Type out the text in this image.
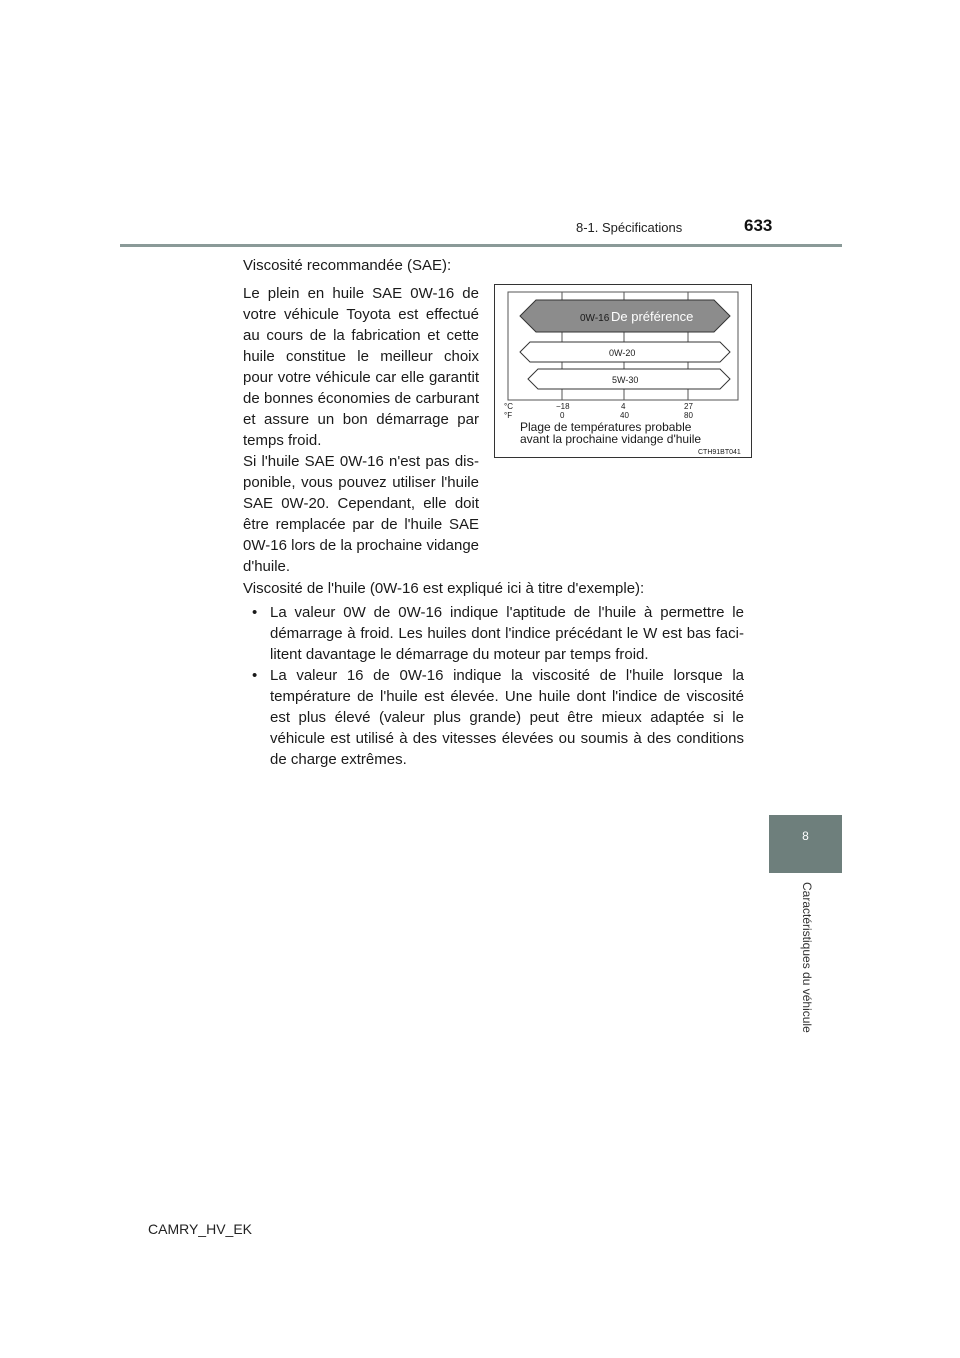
8-1. Spécifications	633
8
Caractéristiques du véhicule
Viscosité recommandée (SAE):
Le plein en huile SAE 0W-16 de votre véhicule Toyota est effectué au cours de la fabrication et cette huile constitue le meilleur choix pour votre véhicule car elle garantit de bonnes économies de carburant et assure un bon démarrage par temps froid.
Si l'huile SAE 0W-16 n'est pas disponible, vous pouvez utiliser l'huile SAE 0W-20. Cependant, elle doit être remplacée par de l'huile SAE 0W-16 lors de la prochaine vidange d'huile.
Viscosité de l'huile (0W-16 est expliqué ici à titre d'exemple):
• La valeur 0W de 0W-16 indique l'aptitude de l'huile à permettre le démarrage à froid. Les huiles dont l'indice précédant le W est bas facilitent davantage le démarrage du moteur par temps froid.
• La valeur 16 de 0W-16 indique la viscosité de l'huile lorsque la température de l'huile est élevée. Une huile dont l'indice de viscosité est plus élevé (valeur plus grande) peut être mieux adaptée si le véhicule est utilisé à des vitesses élevées ou soumis à des conditions de charge extrêmes.
0W-16 De préférence
0W-20
5W-30
°C
°F
−18	4	27
0	40	80
Plage de températures probable
avant la prochaine vidange d'huile
CTH91BT041
CAMRY_HV_EK
